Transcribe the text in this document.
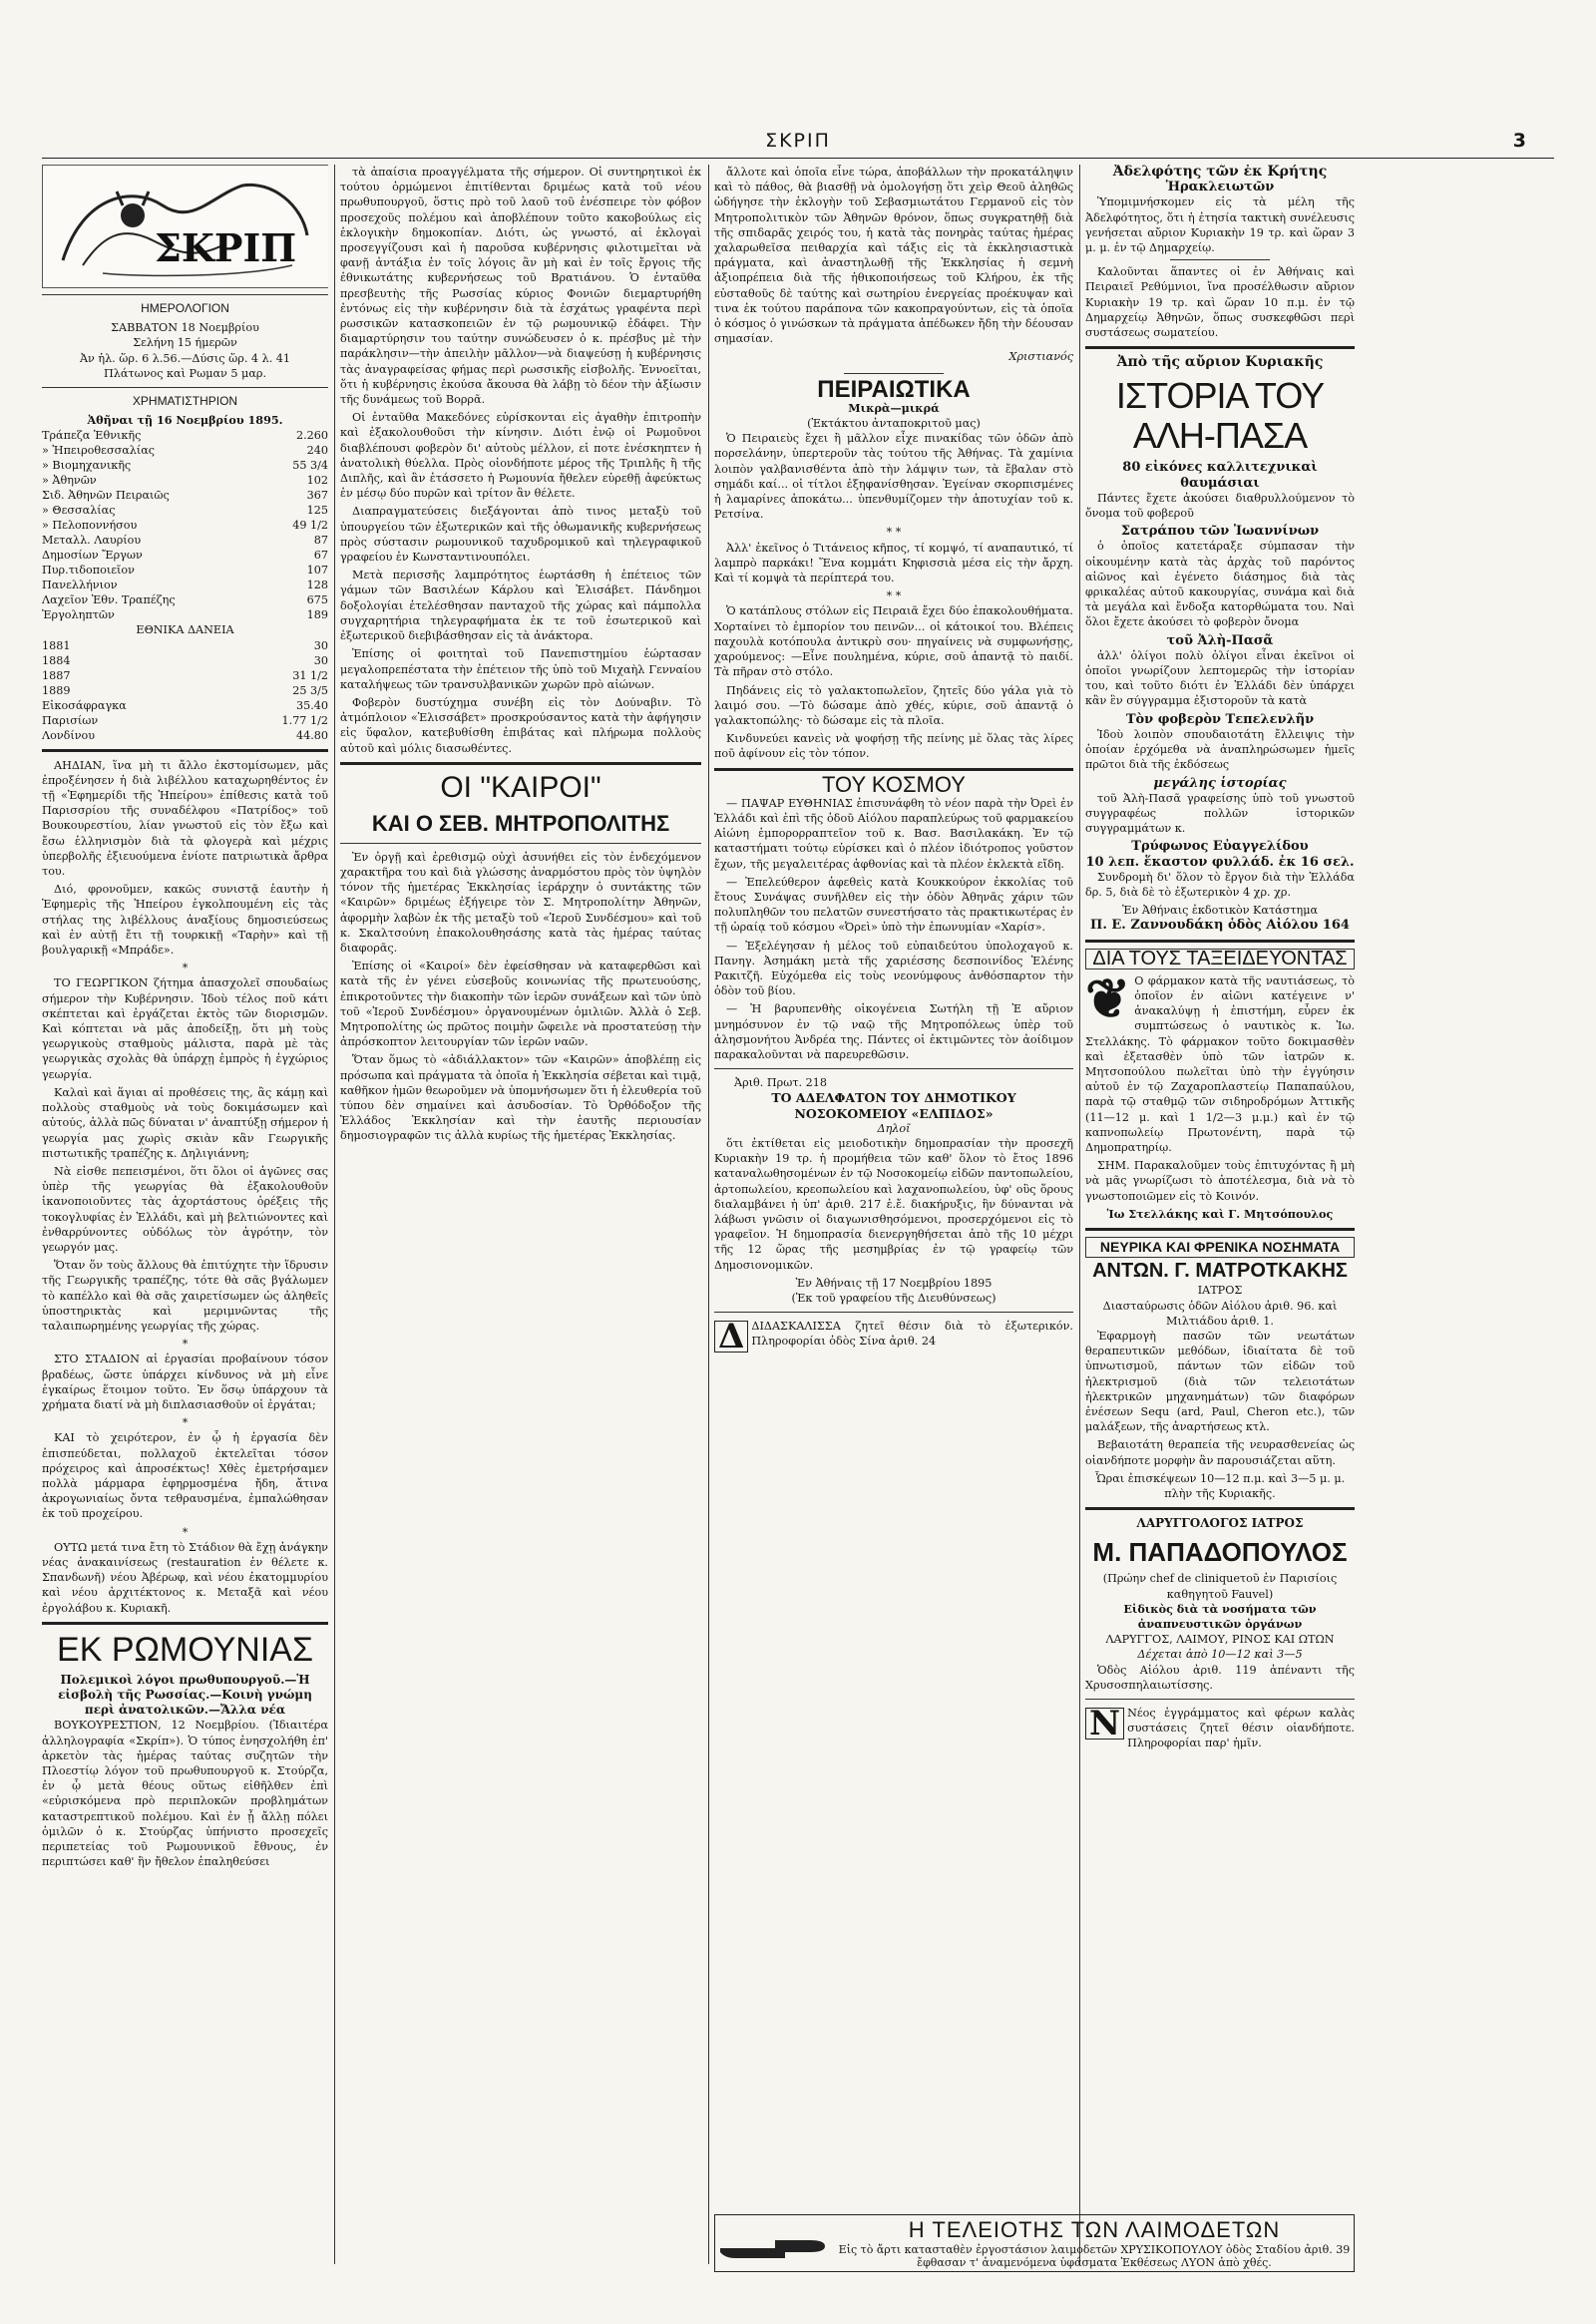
ΣΚΡΙΠ	3
ΣΚΡΙΠ
ΗΜΕΡΟΛΟΓΙΟΝ
ΣΑΒΒΑΤΟΝ 18 Νοεμβρίου
Σελήνη 15 ήμερῶν
Ἀν ἡλ. ὥρ. 6 λ.56.—Δύσις ὥρ. 4 λ. 41
Πλάτωνος καὶ Ρωμαν 5 μαρ.
ΧΡΗΜΑΤΙΣΤΗΡΙΟΝ
Ἀθῆναι τῇ 16 Νοεμβρίου 1895.
Τράπεζα Ἐθνικῆς	2.260
» Ἠπειροθεσσαλίας	240
» Βιομηχανικῆς	55 3/4
» Ἀθηνῶν	102
Σιδ. Ἀθηνῶν Πειραιῶς	367
» Θεσσαλίας	125
» Πελοποννήσου	49 1/2
Μεταλλ. Λαυρίου	87
Δημοσίων Ἔργων	67
Πυρ.τιδοποιεῖον	107
Πανελλήνιον	128
Λαχεῖον Ἐθν. Τραπέζης	675
Ἐργοληπτῶν	189
ΕΘΝΙΚΑ ΔΑΝΕΙΑ
1881	30
1884	30
1887	31 1/2
1889	25 3/5
Εἰκοσάφραγκα	35.40
Παρισίων	1.77 1/2
Λονδίνου	44.80

ΑΗΔΙΑΝ, ἵνα μὴ τι ἄλλο ἐκστομίσωμεν, μᾶς ἐπροξένησεν ἡ διὰ λιβέλλου καταχωρηθέντος ἐν τῇ «Ἐφημερίδι τῆς Ἠπείρου» ἐπίθεσις κατὰ τοῦ Παρισσρίου τῆς συναδέλφου «Πατρίδος» τοῦ Βουκουρεστίου, λίαν γνωστοῦ εἰς τὸν ἔξω καὶ ἔσω ἑλληνισμὸν διὰ τὰ φλογερὰ καὶ μέχρις ὑπερβολῆς ἐξιευούμενα ἐνίοτε πατριωτικὰ ἄρθρα του.

Διό, φρονοῦμεν, κακῶς συνιστᾷ ἑαυτὴν ἡ Ἐφημερὶς τῆς Ἠπείρου ἐγκολπουμένη εἰς τὰς στήλας της λιβέλλους ἀναξίους δημοσιεύσεως καὶ ἐν αὐτῇ ἔτι τῇ τουρκικῇ «Ταρὴν» καὶ τῇ βουλγαρικῇ «Μπράδε».

*

ΤΟ ΓΕΩΡΓΙΚΟΝ ζήτημα ἀπασχολεῖ σπουδαίως σήμερον τὴν Κυβέρνησιν. Ἰδοὺ τέλος ποῦ κάτι σκέπτεται καὶ ἐργάζεται ἐκτὸς τῶν διορισμῶν. Καὶ κόπτεται νὰ μᾶς ἀποδείξῃ, ὅτι μὴ τοὺς γεωργικοὺς σταθμοὺς μάλιστα, παρὰ μὲ τὰς γεωργικὰς σχολὰς θὰ ὑπάρχῃ ἐμπρὸς ἡ ἐγχώριος γεωργία.

Καλαὶ καὶ ἅγιαι αἱ προθέσεις της, ἂς κάμῃ καὶ πολλοὺς σταθμοὺς νὰ τοὺς δοκιμάσωμεν καὶ αὐτούς, ἀλλὰ πῶς δύναται ν' ἀναπτύξῃ σήμερον ἡ γεωργία μας χωρὶς σκιὰν κἂν Γεωργικῆς πιστωτικῆς τραπέζης κ. Δηλιγιάννη;

Νὰ εἰσθε πεπεισμένοι, ὅτι ὅλοι οἱ ἀγῶνες σας ὑπὲρ τῆς γεωργίας θὰ ἐξακολουθοῦν ἱκανοποιοῦντες τὰς ἀχορτάστους ὀρέξεις τῆς τοκογλυφίας ἐν Ἑλλάδι, καὶ μὴ βελτιώνοντες καὶ ἐνθαρρύνοντες οὐδόλως τὸν ἀγρότην, τὸν γεωργόν μας.

Ὅταν ὅν τοὺς ἄλλους θὰ ἐπιτύχητε τὴν ἵδρυσιν τῆς Γεωργικῆς τραπέζης, τότε θὰ σᾶς βγάλωμεν τὸ καπέλλο καὶ θὰ σᾶς χαιρετίσωμεν ὡς ἀληθεῖς ὑποστηρικτὰς καὶ μεριμνῶντας τῆς ταλαιπωρημένης γεωργίας τῆς χώρας.

*

ΣΤΟ ΣΤΑΔΙΟΝ αἱ ἐργασίαι προβαίνουν τόσον βραδέως, ὥστε ὑπάρχει κίνδυνος νὰ μὴ εἶνε ἐγκαίρως ἕτοιμον τοῦτο. Ἐν ὅσῳ ὑπάρχουν τὰ χρήματα διατί νὰ μὴ διπλασιασθοῦν οἱ ἐργάται;

*

ΚΑΙ τὸ χειρότερον, ἐν ᾧ ἡ ἐργασία δὲν ἐπισπεύδεται, πολλαχοῦ ἐκτελεῖται τόσον πρόχειρος καὶ ἀπροσέκτως! Χθὲς ἐμετρήσαμεν πολλὰ μάρμαρα ἐφηρμοσμένα ἤδη, ἄτινα ἀκρογωνιαίως ὄντα τεθραυσμένα, ἐμπαλώθησαν ἐκ τοῦ προχείρου.

*

ΟΥΤΩ μετά τινα ἔτη τὸ Στάδιον θὰ ἔχῃ ἀνάγκην νέας ἀνακαινίσεως (restauration ἐν θέλετε κ. Σπανδωνῆ) νέου Ἀβέρωφ, καὶ νέου ἐκατομμυρίου καὶ νέου ἀρχιτέκτονος κ. Μεταξᾶ καὶ νέου ἐργολάβου κ. Κυριακῆ.

ΕΚ ΡΩΜΟΥΝΙΑΣ
Πολεμικοὶ λόγοι πρωθυπουργοῦ.—Ἡ εἰσβολὴ τῆς Ρωσσίας.—Κοινὴ γνώμη περὶ ἀνατολικῶν.—Ἄλλα νέα

ΒΟΥΚΟΥΡΕΣΤΙΟΝ, 12 Νοεμβρίου. (Ἰδιαιτέρα ἀλληλογραφία «Σκρίπ»). Ὁ τύπος ἐνησχολήθη ἐπ' ἀρκετὸν τὰς ἡμέρας ταύτας συζητῶν τὴν Πλοεστίῳ λόγον τοῦ πρωθυπουργοῦ κ. Στούρζα, ἐν ᾧ μετὰ θέους οὕτως εἰθῆλθεν ἐπὶ «εὐρισκόμενα πρὸ περιπλοκῶν προβλημάτων καταστρεπτικοῦ πολέμου. Καὶ ἐν ᾗ ἄλλῃ πόλει ὁμιλῶν ὁ κ. Στούρζας ὑπήνιστο προσεχεῖς περιπετείας τοῦ Ρωμουνικοῦ ἔθνους, ἐν περιπτώσει καθ' ἣν ἤθελον ἐπαληθεύσει

τὰ ἀπαίσια προαγγέλματα τῆς σήμερον. Οἱ συντηρητικοὶ ἐκ τούτου ὁρμώμενοι ἐπιτίθενται δριμέως κατὰ τοῦ νέου πρωθυπουργοῦ, ὅστις πρὸ τοῦ λαοῦ τοῦ ἐνέσπειρε τὸν φόβον προσεχοῦς πολέμου καὶ ἀποβλέπουν τοῦτο κακοβούλως εἰς ἐκλογικὴν δημοκοπίαν. Διότι, ὡς γνωστό, αἱ ἐκλογαὶ προσεγγίζουσι καὶ ἡ παροῦσα κυβέρνησις φιλοτιμεῖται νὰ φανῇ ἀντάξια ἐν τοῖς λόγοις ἂν μὴ καὶ ἐν τοῖς ἔργοις τῆς ἐθνικωτάτης κυβερνήσεως τοῦ Βρατιάνου. Ὁ ἐνταῦθα πρεσβευτὴς τῆς Ρωσσίας κύριος Φονιῶν διεμαρτυρήθη ἐντόνως εἰς τὴν κυβέρνησιν διὰ τὰ ἐσχάτως γραφέντα περὶ ρωσσικῶν κατασκοπειῶν ἐν τῷ ρωμουνικῷ ἐδάφει. Τὴν διαμαρτύρησιν του ταύτην συνώδευσεν ὁ κ. πρέσβυς μὲ τὴν παράκλησιν—τὴν ἀπειλὴν μᾶλλον—νὰ διαψεύσῃ ἡ κυβέρνησις τὰς ἀναγραφείσας φήμας περὶ ρωσσικῆς εἰσβολῆς. Ἐννοεῖται, ὅτι ἡ κυβέρνησις ἐκούσα ἄκουσα θὰ λάβῃ τὸ δέον τὴν ἀξίωσιν τῆς δυνάμεως τοῦ Βορρᾶ.

Οἱ ἐνταῦθα Μακεδόνες εὑρίσκονται εἰς ἀγαθὴν ἐπιτροπὴν καὶ ἐξακολουθοῦσι τὴν κίνησιν. Διότι ἐνῷ οἱ Ρωμοῦνοι διαβλέπουσι φοβερὸν δι' αὐτοὺς μέλλον, εἰ ποτε ἐνέσκηπτεν ἡ ἀνατολικὴ θύελλα. Πρὸς οἱονδήποτε μέρος τῆς Τριπλῆς ἢ τῆς Διπλῆς, καὶ ἂν ἐτάσσετο ἡ Ρωμουνία ἤθελεν εὑρεθῇ ἀφεύκτως ἐν μέσῳ δύο πυρῶν καὶ τρίτον ἂν θέλετε.

Διαπραγματεύσεις διεξάγονται ἀπὸ τινος μεταξὺ τοῦ ὑπουργείου τῶν ἐξωτερικῶν καὶ τῆς ὀθωμανικῆς κυβερνήσεως πρὸς σύστασιν ρωμουνικοῦ ταχυδρομικοῦ καὶ τηλεγραφικοῦ γραφείου ἐν Κωνσταντινουπόλει.

Μετὰ περισσῆς λαμπρότητος ἑωρτάσθη ἡ ἐπέτειος τῶν γάμων τῶν Βασιλέων Κάρλου καὶ Ἐλισάβετ. Πάνδημοι δοξολογίαι ἐτελέσθησαν πανταχοῦ τῆς χώρας καὶ πάμπολλα συγχαρητήρια τηλεγραφήματα ἐκ τε τοῦ ἐσωτερικοῦ καὶ ἐξωτερικοῦ διεβιβάσθησαν εἰς τὰ ἀνάκτορα.

Ἐπίσης οἱ φοιτηταὶ τοῦ Πανεπιστημίου ἑώρτασαν μεγαλοπρεπέστατα τὴν ἐπέτειον τῆς ὑπὸ τοῦ Μιχαὴλ Γενναίου καταλήψεως τῶν τρανσυλβανικῶν χωρῶν πρὸ αἰώνων.

Φοβερὸν δυστύχημα συνέβη εἰς τὸν Δούναβιν. Τὸ ἀτμόπλοιον «Ἐλισσάβετ» προσκρούσαντος κατὰ τὴν ἀφήγησιν εἰς ὕφαλον, κατεβυθίσθη ἐπιβάτας καὶ πλήρωμα πολλοὺς αὐτοῦ καὶ μόλις διασωθέντες.

ΟΙ "ΚΑΙΡΟΙ"
ΚΑΙ Ο ΣΕΒ. ΜΗΤΡΟΠΟΛΙΤΗΣ

Ἐν ὀργῇ καὶ ἐρεθισμῷ οὐχὶ ἀσυνήθει εἰς τὸν ἐνδεχόμενον χαρακτῆρα του καὶ διὰ γλώσσης ἀναρμόστου πρὸς τὸν ὑψηλὸν τόνον τῆς ἡμετέρας Ἐκκλησίας ἱεράρχην ὁ συντάκτης τῶν «Καιρῶν» δριμέως ἐξήγειρε τὸν Σ. Μητροπολίτην Ἀθηνῶν, ἀφορμὴν λαβὼν ἐκ τῆς μεταξὺ τοῦ «Ἱεροῦ Συνδέσμου» καὶ τοῦ κ. Σκαλτσούνη ἐπακολουθησάσης κατὰ τὰς ἡμέρας ταύτας διαφορᾶς.

Ἐπίσης οἱ «Καιροί» δὲν ἐφείσθησαν νὰ καταφερθῶσι καὶ κατὰ τῆς ἐν γένει εὐσεβοῦς κοινωνίας τῆς πρωτευούσης, ἐπικροτοῦντες τὴν διακοπὴν τῶν ἱερῶν συνάξεων καὶ τῶν ὑπὸ τοῦ «Ἱεροῦ Συνδέσμου» ὀργανουμένων ὁμιλιῶν. Ἀλλὰ ὁ Σεβ. Μητροπολίτης ὡς πρῶτος ποιμὴν ὤφειλε νὰ προστατεύσῃ τὴν ἀπρόσκοπτον λειτουργίαν τῶν ἱερῶν ναῶν.

Ὅταν ὅμως τὸ «ἀδιάλλακτον» τῶν «Καιρῶν» ἀποβλέπῃ εἰς πρόσωπα καὶ πράγματα τὰ ὁποῖα ἡ Ἐκκλησία σέβεται καὶ τιμᾷ, καθῆκον ἡμῶν θεωροῦμεν νὰ ὑπομνήσωμεν ὅτι ἡ ἐλευθερία τοῦ τύπου δὲν σημαίνει καὶ ἀσυδοσίαν. Τὸ Ὀρθόδοξον τῆς Ἑλλάδος Ἐκκλησίαν καὶ τὴν ἑαυτῆς περιουσίαν δημοσιογραφῶν τις ἀλλὰ κυρίως τῆς ἡμετέρας Ἐκκλησίας.

ἄλλοτε καὶ ὁποῖα εἶνε τώρα, ἀποβάλλων τὴν προκατάληψιν καὶ τὸ πάθος, θὰ βιασθῇ νὰ ὁμολογήσῃ ὅτι χεὶρ Θεοῦ ἀληθῶς ὡδήγησε τὴν ἐκλογὴν τοῦ Σεβασμιωτάτου Γερμανοῦ εἰς τὸν Μητροπολιτικὸν τῶν Ἀθηνῶν θρόνον, ὅπως συγκρατηθῇ διὰ τῆς σπιδαρᾶς χειρός του, ἡ κατὰ τὰς πονηρὰς ταύτας ἡμέρας χαλαρωθεῖσα πειθαρχία καὶ τάξις εἰς τὰ ἐκκλησιαστικὰ πράγματα, καὶ ἀναστηλωθῇ τῆς Ἐκκλησίας ἡ σεμνὴ ἀξιοπρέπεια διὰ τῆς ἠθικοποιήσεως τοῦ Κλήρου, ἐκ τῆς εὐσταθοῦς δὲ ταύτης καὶ σωτηρίου ἐνεργείας προέκυψαν καὶ τινα ἐκ τούτου παράπονα τῶν κακοπραγούντων, εἰς τὰ ὁποῖα ὁ κόσμος ὁ γινώσκων τὰ πράγματα ἀπέδωκεν ἤδη τὴν δέουσαν σημασίαν.

Χριστιανός
ΠΕΙΡΑΙΩΤΙΚΑ
Μικρὰ—μικρά
(Ἐκτάκτου ἀνταποκριτοῦ μας)

Ὁ Πειραιεὺς ἔχει ἢ μᾶλλον εἶχε πινακίδας τῶν ὁδῶν ἀπὸ πορσελάνην, ὑπερτεροῦν τὰς τούτου τῆς Ἀθήνας. Τὰ χαμίνια λοιπὸν γαλβανισθέντα ἀπὸ τὴν λάμψιν των, τὰ ἔβαλαν στὸ σημάδι καί... οἱ τίτλοι ἐξηφανίσθησαν. Ἐγείναν σκορπισμένες ἡ λαμαρίνες ἀποκάτω... ὑπενθυμίζομεν τὴν ἀποτυχίαν τοῦ κ. Ρετσίνα.

* *

Ἀλλ' ἐκεῖνος ὁ Τιτάνειος κῆπος, τί κομψό, τί αναπαυτικό, τί λαμπρὸ παρκάκι! Ἕνα κομμάτι Κηφισσιὰ μέσα εἰς τὴν ἄρχη. Καὶ τί κομψὰ τὰ περίπτερά του.

* *

Ὁ κατάπλους στόλων εἰς Πειραιᾶ ἔχει δύο ἐπακολουθήματα. Χορταίνει τὸ ἐμπορίον του πεινῶν... οἱ κάτοικοί του. Βλέπεις παχουλὰ κοτόπουλα ἀντικρὺ σου· πηγαίνεις νὰ συμφωνήσῃς, χαρούμενος: —Εἶνε πουλημένα, κύριε, σοῦ ἀπαντᾷ τὸ παιδί. Τὰ πῆραν στὸ στόλο.

Πηδάνεις εἰς τὸ γαλακτοπωλεῖον, ζητεῖς δύο γάλα γιὰ τὸ λαιμό σου. —Τὸ δώσαμε ἀπὸ χθές, κύριε, σοῦ ἀπαντᾷ ὁ γαλακτοπώλης· τὸ δώσαμε εἰς τὰ πλοῖα.

Κινδυνεύει κανεὶς νὰ ψοφήσῃ τῆς πείνης μὲ ὅλας τὰς λίρες ποῦ ἀφίνουν εἰς τὸν τόπον.

ΤΟΥ ΚΟΣΜΟΥ

— ΠΑΨΑΡ ΕΥΘΗΝΙΑΣ ἐπισυνάφθη τὸ νέον παρὰ τὴν Ὀρεὶ ἐν Ἑλλάδι καὶ ἐπὶ τῆς ὁδοῦ Αἰόλου παραπλεύρως τοῦ φαρμακείου Αἰώνη ἐμπορορραπτεῖον τοῦ κ. Βασ. Βασιλακάκη. Ἐν τῷ καταστήματι τούτῳ εὑρίσκει καὶ ὁ πλέον ἰδιότροπος γοῦστον ἔχων, τῆς μεγαλειτέρας ἀφθονίας καὶ τὰ πλέον ἐκλεκτὰ εἴδη.

— Ἐπελεύθερον ἀφεθεὶς κατὰ Κουκκούρον ἐκκολίας τοῦ ἔτους Συνάψας συνῆλθεν εἰς τὴν ὁδὸν Ἀθηνᾶς χάριν τῶν πολυπληθῶν του πελατῶν συνεστήσατο τὰς πρακτικωτέρας ἐν τῇ ὡραίᾳ τοῦ κόσμου «Ὀρεὶ» ὑπὸ τὴν ἐπωνυμίαν «Χαρίσ».

— Ἐξελέγησαν ἡ μέλος τοῦ εὐπαιδεύτου ὑπολοχαγοῦ κ. Πανηγ. Ἀσημάκη μετὰ τῆς χαριέσσης δεσποινίδος Ἑλένης Ρακιτζῆ. Εὐχόμεθα εἰς τοὺς νεονύμφους ἀνθόσπαρτον τὴν ὁδὸν τοῦ βίου.

— Ἡ βαρυπενθὴς οἰκογένεια Σωτήλη τῇ Ἐ αὔριον μνημόσυνον ἐν τῷ ναῷ τῆς Μητροπόλεως ὑπὲρ τοῦ ἀλησμονήτου Ἀνδρέα της. Πάντες οἱ ἐκτιμῶντες τὸν ἀοίδιμον παρακαλοῦνται νὰ παρευρεθῶσιν.

Ἀριθ. Πρωτ. 218
ΤΟ ΑΔΕΛΦΑΤΟΝ ΤΟΥ ΔΗΜΟΤΙΚΟΥ ΝΟΣΟΚΟΜΕΙΟΥ «ΕΛΠΙΔΟΣ»
Δηλοῖ

ὅτι ἐκτίθεται εἰς μειοδοτικὴν δημοπρασίαν τὴν προσεχῆ Κυριακὴν 19 τρ. ἡ προμήθεια τῶν καθ' ὅλον τὸ ἔτος 1896 καταναλωθησομένων ἐν τῷ Νοσοκομείῳ εἰδῶν παντοπωλείου, ἀρτοπωλείου, κρεοπωλείου καὶ λαχανοπωλείου, ὑφ' οὓς ὅρους διαλαμβάνει ἡ ὑπ' ἀριθ. 217 ἐ.ἔ. διακήρυξις, ἣν δύνανται νὰ λάβωσι γνῶσιν οἱ διαγωνισθησόμενοι, προσερχόμενοι εἰς τὸ γραφεῖον. Ἡ δημοπρασία διενεργηθήσεται ἀπὸ τῆς 10 μέχρι τῆς 12 ὥρας τῆς μεσημβρίας ἐν τῷ γραφείῳ τῶν Δημοσιονομικῶν.

Ἐν Ἀθήναις τῇ 17 Νοεμβρίου 1895
(Ἐκ τοῦ γραφείου τῆς Διευθύνσεως)

Δ ΔΙΔΑΣΚΑΛΙΣΣΑ ζητεῖ θέσιν διὰ τὸ ἐξωτερικόν. Πληροφορίαι ὁδὸς Σίνα ἀριθ. 24

Ἀδελφότης τῶν ἐκ Κρήτης
Ἡρακλειωτῶν

Ὑπομιμνήσκομεν εἰς τὰ μέλη τῆς Ἀδελφότητος, ὅτι ἡ ἐτησία τακτικὴ συνέλευσις γενήσεται αὔριον Κυριακὴν 19 τρ. καὶ ὥραν 3 μ. μ. ἐν τῷ Δημαρχείῳ.

Καλοῦνται ἅπαντες οἱ ἐν Ἀθήναις καὶ Πειραιεῖ Ρεθύμνιοι, ἵνα προσέλθωσιν αὔριον Κυριακὴν 19 τρ. καὶ ὥραν 10 π.μ. ἐν τῷ Δημαρχείῳ Ἀθηνῶν, ὅπως συσκεφθῶσι περὶ συστάσεως σωματείου.

Ἀπὸ τῆς αὔριον Κυριακῆς
ΙΣΤΟΡΙΑ ΤΟΥ ΑΛΗ-ΠΑΣΑ
80 εἰκόνες καλλιτεχνικαὶ θαυμάσιαι

Πάντες ἔχετε ἀκούσει διαθρυλλούμενον τὸ ὄνομα τοῦ φοβεροῦ

Σατράπου τῶν Ἰωαννίνων

ὁ ὁποῖος κατετάραξε σύμπασαν τὴν οἰκουμένην κατὰ τὰς ἀρχὰς τοῦ παρόντος αἰῶνος καὶ ἐγένετο διάσημος διὰ τὰς φρικαλέας αὐτοῦ κακουργίας, συνάμα καὶ διὰ τὰ μεγάλα καὶ ἔνδοξα κατορθώματα του. Ναὶ ὅλοι ἔχετε ἀκούσει τὸ φοβερὸν ὄνομα

τοῦ Ἀλὴ-Πασᾶ

ἀλλ' ὀλίγοι πολὺ ὀλίγοι εἶναι ἐκεῖνοι οἱ ὁποῖοι γνωρίζουν λεπτομερῶς τὴν ἱστορίαν του, καὶ τοῦτο διότι ἐν Ἑλλάδι δὲν ὑπάρχει κἂν ἓν σύγγραμμα ἐξιστοροῦν τὰ κατὰ

Τὸν φοβερὸν Τεπελενλῆν

Ἰδοὺ λοιπὸν σπουδαιοτάτη ἔλλειψις τὴν ὁποίαν ἐρχόμεθα νὰ ἀναπληρώσωμεν ἡμεῖς πρῶτοι διὰ τῆς ἐκδόσεως

μεγάλης ἱστορίας

τοῦ Ἀλὴ-Πασᾶ γραφείσης ὑπὸ τοῦ γνωστοῦ συγγραφέως πολλῶν ἱστορικῶν συγγραμμάτων κ.

Τρύφωνος Εὐαγγελίδου
10 λεπ. ἕκαστον φυλλάδ. ἐκ 16 σελ.

Συνδρομὴ δι' ὅλον τὸ ἔργον διὰ τὴν Ἑλλάδα δρ. 5, διὰ δὲ τὸ ἐξωτερικὸν 4 χρ. χρ.

Ἐν Ἀθήναις ἐκδοτικὸν Κατάστημα
Π. Ε. Ζαννουδάκη ὁδὸς Αἰόλου 164
ΔΙΑ ΤΟΥΣ ΤΑΞΕΙΔΕΥΟΝΤΑΣ

❦ Ο φάρμακον κατὰ τῆς ναυτιάσεως, τὸ ὁποῖον ἐν αἰῶνι κατέγεινε ν' ἀνακαλύψῃ ἡ ἐπιστήμη, εὗρεν ἐκ συμπτώσεως ὁ ναυτικὸς κ. Ἰω. Στελλάκης. Τὸ φάρμακον τοῦτο δοκιμασθὲν καὶ ἐξετασθὲν ὑπὸ τῶν ἰατρῶν κ. Μητσοπούλου πωλεῖται ὑπὸ τὴν ἐγγύησιν αὐτοῦ ἐν τῷ Ζαχαροπλαστείῳ Παπαπαύλου, παρὰ τῷ σταθμῷ τῶν σιδηροδρόμων Ἀττικῆς (11—12 μ. καὶ 1 1/2—3 μ.μ.) καὶ ἐν τῷ καπνοπωλείῳ Πρωτονέντη, παρὰ τῷ Δημοπρατηρίῳ.

ΣΗΜ. Παρακαλοῦμεν τοὺς ἐπιτυχόντας ἢ μὴ νὰ μᾶς γνωρίζωσι τὸ ἀποτέλεσμα, διὰ νὰ τὸ γνωστοποιῶμεν εἰς τὸ Κοινόν.

Ἰω Στελλάκης καὶ Γ. Μητσόπουλος
ΝΕΥΡΙΚΑ ΚΑΙ ΦΡΕΝΙΚΑ ΝΟΣΗΜΑΤΑ
ΑΝΤΩΝ. Γ. ΜΑΤΡΟΤΚΑΚΗΣ
ΙΑΤΡΟΣ
Διασταύρωσις ὁδῶν Αἰόλου ἀριθ. 96. καὶ Μιλτιάδου ἀριθ. 1.

Ἐφαρμογὴ πασῶν τῶν νεωτάτων θεραπευτικῶν μεθόδων, ἰδιαίτατα δὲ τοῦ ὑπνωτισμοῦ, πάντων τῶν εἰδῶν τοῦ ἠλεκτρισμοῦ (διὰ τῶν τελειοτάτων ἠλεκτρικῶν μηχανημάτων) τῶν διαφόρων ἐνέσεων Sequ (ard, Paul, Cheron etc.), τῶν μαλάξεων, τῆς ἀναρτήσεως κτλ.

Βεβαιοτάτη θεραπεία τῆς νευρασθενείας ὡς οἱανδήποτε μορφὴν ἂν παρουσιάζεται αὕτη.

Ὧραι ἐπισκέψεων 10—12 π.μ. καὶ 3—5 μ. μ. πλὴν τῆς Κυριακῆς.
ΛΑΡΥΓΓΟΛΟΓΟΣ ΙΑΤΡΟΣ
Μ. ΠΑΠΑΔΟΠΟΥΛΟΣ
(Πρώην chef de cliniqueτοῦ ἐν Παρισίοις καθηγητοῦ Fauvel)
Εἰδικὸς διὰ τὰ νοσήματα τῶν ἀναπνευστικῶν ὀργάνων
ΛΑΡΥΓΓΟΣ, ΛΑΙΜΟΥ, ΡΙΝΟΣ ΚΑΙ ΩΤΩΝ
Δέχεται ἀπὸ 10—12 καὶ 3—5

Ὁδὸς Αἰόλου ἀριθ. 119 ἀπέναντι τῆς Χρυσοσπηλαιωτίσσης.

Ν Νέος ἐγγράμματος καὶ φέρων καλὰς συστάσεις ζητεῖ θέσιν οἱανδήποτε. Πληροφορίαι παρ' ἡμῖν.

Η ΤΕΛΕΙΟΤΗΣ ΤΩΝ ΛΑΙΜΟΔΕΤΩΝ
Εἰς τὸ ἄρτι κατασταθὲν ἐργοστάσιον λαιμοδετῶν ΧΡΥΣΙΚΟΠΟΥΛΟΥ ὁδὸς Σταδίου ἀριθ. 39 ἔφθασαν τ' ἀναμενόμενα ὑφάσματα Ἐκθέσεως ΛΥΟΝ ἀπὸ χθές.
